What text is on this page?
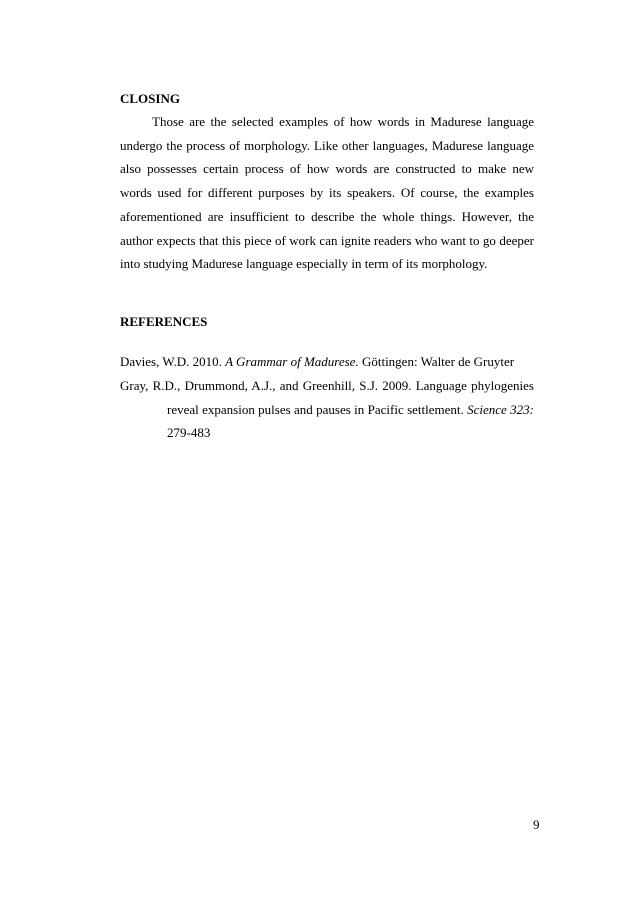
CLOSING

Those are the selected examples of how words in Madurese language undergo the process of morphology. Like other languages, Madurese language also possesses certain process of how words are constructed to make new words used for different purposes by its speakers. Of course, the examples aforementioned are insufficient to describe the whole things. However, the author expects that this piece of work can ignite readers who want to go deeper into studying Madurese language especially in term of its morphology.

REFERENCES

Davies, W.D. 2010. A Grammar of Madurese. Göttingen: Walter de Gruyter

Gray, R.D., Drummond, A.J., and Greenhill, S.J. 2009. Language phylogenies reveal expansion pulses and pauses in Pacific settlement. Science 323: 279-483

9
